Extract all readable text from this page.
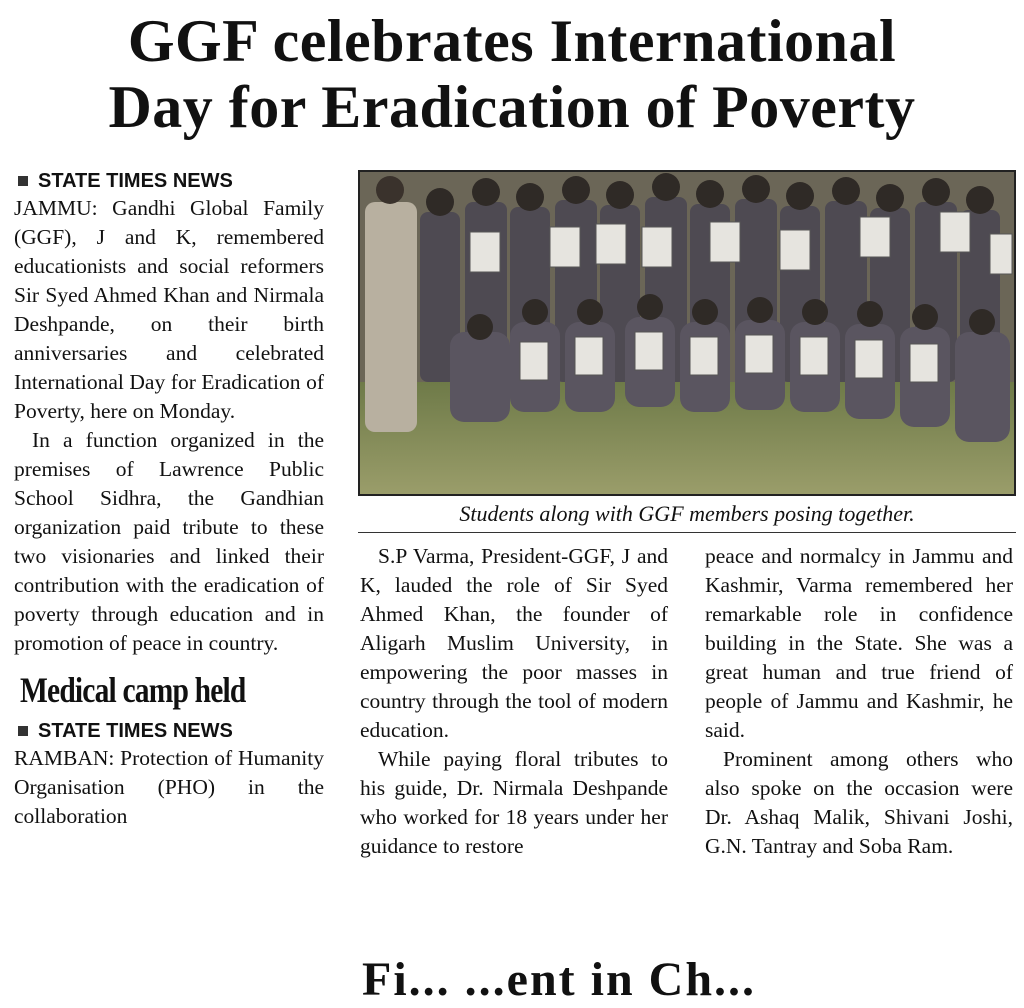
GGF celebrates International
Day for Eradication of Poverty
STATE TIMES NEWS

JAMMU: Gandhi Global Family (GGF), J and K, remembered educationists and social reformers Sir Syed Ahmed Khan and Nirmala Deshpande, on their birth anniversaries and celebrated International Day for Eradication of Poverty, here on Monday.

In a function organized in the premises of Lawrence Public School Sidhra, the Gandhian organization paid tribute to these two visionaries and linked their contribution with the eradication of poverty through education and in promotion of peace in country.

Medical camp held
STATE TIMES NEWS

RAMBAN: Protection of Humanity Organisation (PHO) in the collaboration

Students along with GGF members posing together.

S.P Varma, President-GGF, J and K, lauded the role of Sir Syed Ahmed Khan, the founder of Aligarh Muslim University, in empowering the poor masses in country through the tool of modern education.

While paying floral tributes to his guide, Dr. Nirmala Deshpande who worked for 18 years under her guidance to restore

peace and normalcy in Jammu and Kashmir, Varma remembered her remarkable role in confidence building in the State. She was a great human and true friend of people of Jammu and Kashmir, he said.

Prominent among others who also spoke on the occasion were Dr. Ashaq Malik, Shivani Joshi, G.N. Tantray and Soba Ram.

Fi... ...ent in Ch...
